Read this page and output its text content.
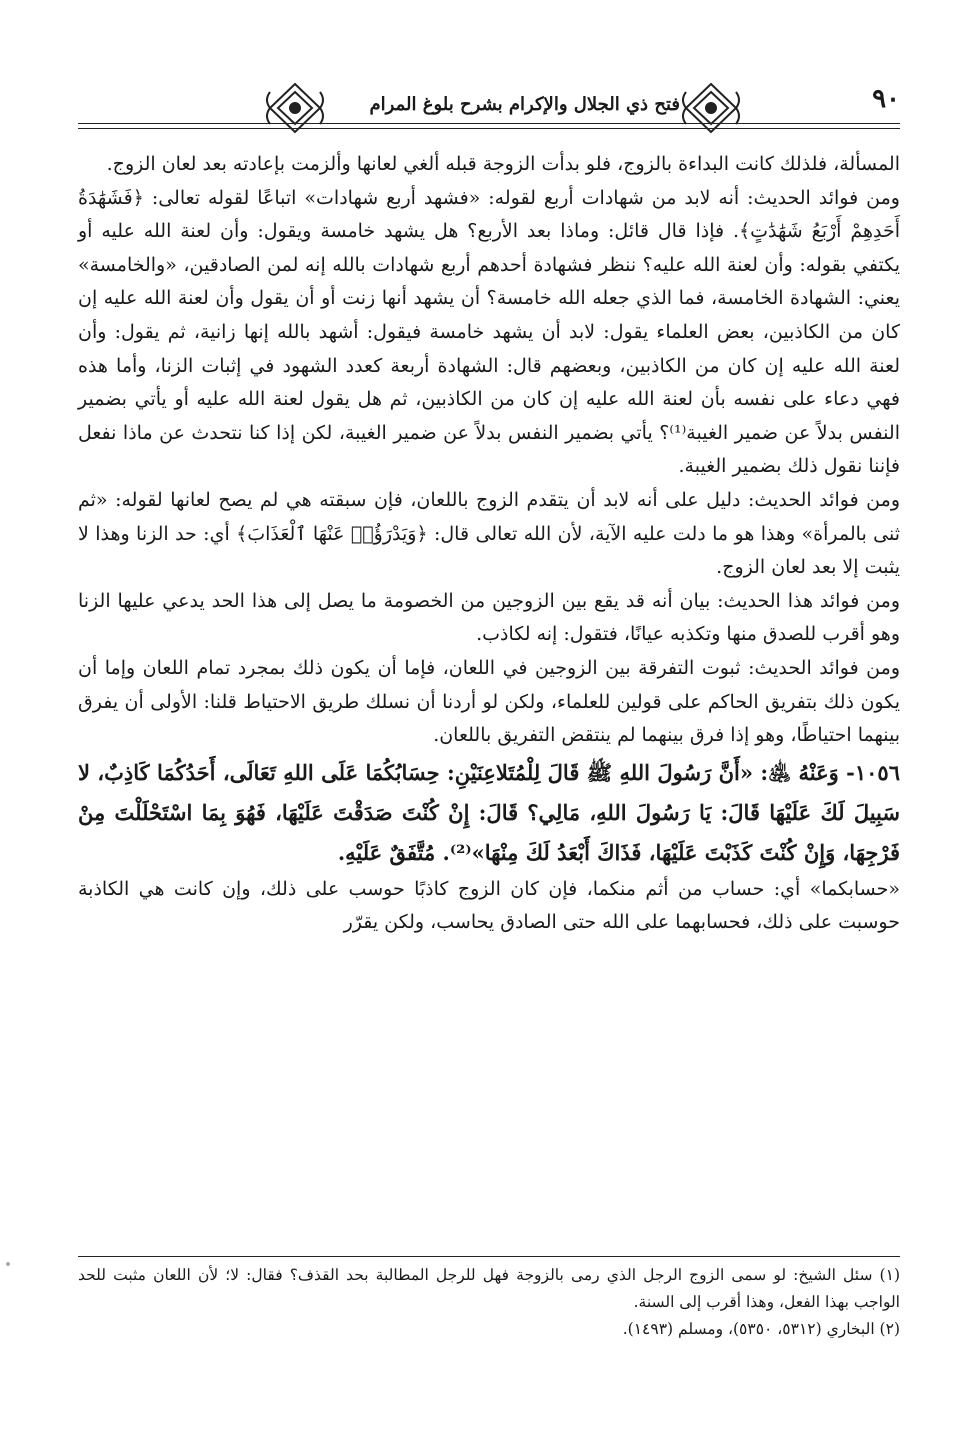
٩٠
فتح ذي الجلال والإكرام بشرح بلوغ المرام

المسألة، فلذلك كانت البداءة بالزوج، فلو بدأت الزوجة قبله ألغي لعانها وألزمت بإعادته بعد لعان الزوج.

ومن فوائد الحديث: أنه لابد من شهادات أربع لقوله: «فشهد أربع شهادات» اتباعًا لقوله تعالى: ﴿فَشَهَٰدَةُ أَحَدِهِمْ أَرْبَعُ شَهَٰدَٰتٍ﴾. فإذا قال قائل: وماذا بعد الأربع؟ هل يشهد خامسة ويقول: وأن لعنة الله عليه أو يكتفي بقوله: وأن لعنة الله عليه؟ ننظر فشهادة أحدهم أربع شهادات بالله إنه لمن الصادقين، «والخامسة» يعني: الشهادة الخامسة، فما الذي جعله الله خامسة؟ أن يشهد أنها زنت أو أن يقول وأن لعنة الله عليه إن كان من الكاذبين، بعض العلماء يقول: لابد أن يشهد خامسة فيقول: أشهد بالله إنها زانية، ثم يقول: وأن لعنة الله عليه إن كان من الكاذبين، وبعضهم قال: الشهادة أربعة كعدد الشهود في إثبات الزنا، وأما هذه فهي دعاء على نفسه بأن لعنة الله عليه إن كان من الكاذبين، ثم هل يقول لعنة الله عليه أو يأتي بضمير النفس بدلاً عن ضمير الغيبة⁽¹⁾؟ يأتي بضمير النفس بدلاً عن ضمير الغيبة، لكن إذا كنا نتحدث عن ماذا نفعل فإننا نقول ذلك بضمير الغيبة.

ومن فوائد الحديث: دليل على أنه لابد أن يتقدم الزوج باللعان، فإن سبقته هي لم يصح لعانها لقوله: «ثم ثنى بالمرأة» وهذا هو ما دلت عليه الآية، لأن الله تعالى قال: ﴿وَيَدْرَؤُا۟ عَنْهَا ٱلْعَذَابَ﴾ أي: حد الزنا وهذا لا يثبت إلا بعد لعان الزوج.

ومن فوائد هذا الحديث: بيان أنه قد يقع بين الزوجين من الخصومة ما يصل إلى هذا الحد يدعي عليها الزنا وهو أقرب للصدق منها وتكذبه عيانًا، فتقول: إنه لكاذب.

ومن فوائد الحديث: ثبوت التفرقة بين الزوجين في اللعان، فإما أن يكون ذلك بمجرد تمام اللعان وإما أن يكون ذلك بتفريق الحاكم على قولين للعلماء، ولكن لو أردنا أن نسلك طريق الاحتياط قلنا: الأولى أن يفرق بينهما احتياطًا، وهو إذا فرق بينهما لم ينتقض التفريق باللعان.

١٠٥٦- وَعَنْهُ ﵁: «أَنَّ رَسُولَ اللهِ ﷺ قَالَ لِلْمُتَلاعِنَيْنِ: حِسَابُكُمَا عَلَى اللهِ تَعَالَى، أَحَدُكُمَا كَاذِبٌ، لا سَبِيلَ لَكَ عَلَيْهَا قَالَ: يَا رَسُولَ اللهِ، مَالِي؟ قَالَ: إِنْ كُنْتَ صَدَقْتَ عَلَيْهَا، فَهُوَ بِمَا اسْتَحْلَلْتَ مِنْ فَرْجِهَا، وَإِنْ كُنْتَ كَذَبْتَ عَلَيْهَا، فَذَاكَ أَبْعَدُ لَكَ مِنْهَا»⁽²⁾. مُتَّفَقٌ عَلَيْهِ.

«حسابكما» أي: حساب من أثم منكما، فإن كان الزوج كاذبًا حوسب على ذلك، وإن كانت هي الكاذبة حوسبت على ذلك، فحسابهما على الله حتى الصادق يحاسب، ولكن يقرّر

(١) سئل الشيخ: لو سمى الزوج الرجل الذي رمى بالزوجة فهل للرجل المطالبة بحد القذف؟ فقال: لا؛ لأن اللعان مثبت للحد الواجب بهذا الفعل، وهذا أقرب إلى السنة.

(٢) البخاري (٥٣١٢، ٥٣٥٠)، ومسلم (١٤٩٣).
